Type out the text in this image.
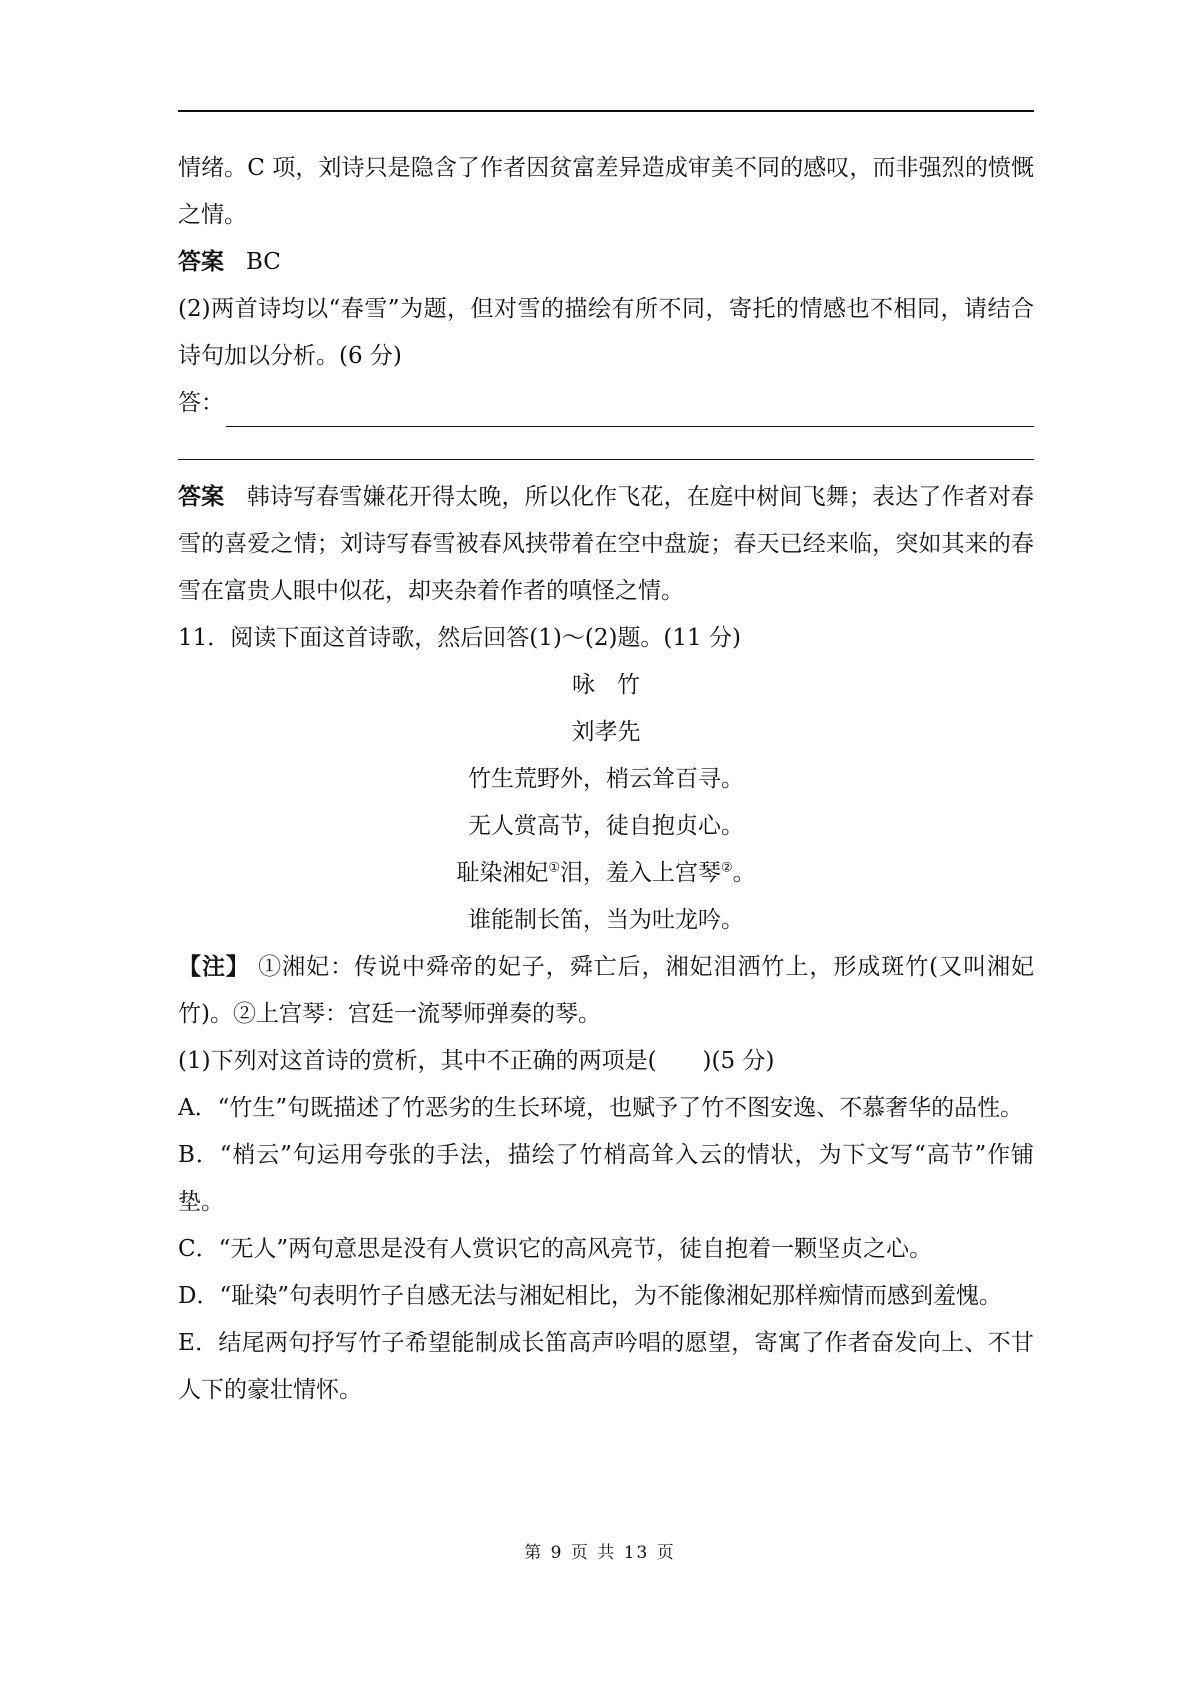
情绪。C 项，刘诗只是隐含了作者因贫富差异造成审美不同的感叹，而非强烈的愤慨之情。

答案 BC

(2)两首诗均以“春雪”为题，但对雪的描绘有所不同，寄托的情感也不相同，请结合诗句加以分析。(6 分)

答：

答案 韩诗写春雪嫌花开得太晚，所以化作飞花，在庭中树间飞舞；表达了作者对春雪的喜爱之情；刘诗写春雪被春风挟带着在空中盘旋；春天已经来临，突如其来的春雪在富贵人眼中似花，却夹杂着作者的嗔怪之情。

11．阅读下面这首诗歌，然后回答(1)～(2)题。(11 分)

咏竹

刘孝先

竹生荒野外，梢云耸百寻。

无人赏高节，徒自抱贞心。

耻染湘妃①泪，羞入上宫琴②。

谁能制长笛，当为吐龙吟。

【注】 ①湘妃：传说中舜帝的妃子，舜亡后，湘妃泪洒竹上，形成斑竹(又叫湘妃竹)。②上宫琴：宫廷一流琴师弹奏的琴。

(1)下列对这首诗的赏析，其中不正确的两项是(　　)(5 分)

A．“竹生”句既描述了竹恶劣的生长环境，也赋予了竹不图安逸、不慕奢华的品性。

B．“梢云”句运用夸张的手法，描绘了竹梢高耸入云的情状，为下文写“高节”作铺垫。

C．“无人”两句意思是没有人赏识它的高风亮节，徒自抱着一颗坚贞之心。

D．“耻染”句表明竹子自感无法与湘妃相比，为不能像湘妃那样痴情而感到羞愧。

E．结尾两句抒写竹子希望能制成长笛高声吟唱的愿望，寄寓了作者奋发向上、不甘人下的豪壮情怀。

第 9 页 共 13 页
